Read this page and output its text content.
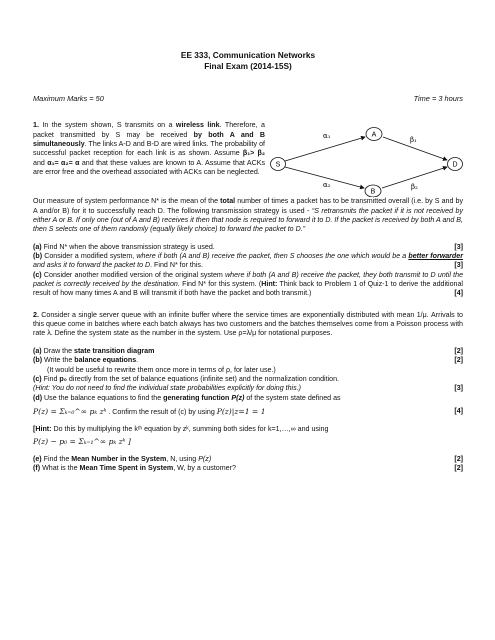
EE 333, Communication Networks
Final Exam (2014-15S)
Maximum Marks = 50	Time = 3 hours
1. In the system shown, S transmits on a wireless link. Therefore, a packet transmitted by S may be received by both A and B simultaneously. The links A-D and B-D are wired links. The probability of successful packet reception for each link is as shown. Assume β₁> β₂ and α₁= α₂= α and that these values are known to A. Assume that ACKs are error free and the overhead associated with ACKs can be neglected.
S
A
B
D
α₁	β₁
α₂	β₂
Our measure of system performance N* is the mean of the total number of times a packet has to be transmitted overall (i.e. by S and by A and/or B) for it to successfully reach D. The following transmission strategy is used - “S retransmits the packet if it is not received by either A or B. If only one (out of A and B) receives it then that node is required to forward it to D. If the packet is received by both A and B, then S selects one of them randomly (equally likely choice) to forward the packet to D.”
(a) Find N* when the above transmission strategy is used.	[3]
(b) Consider a modified system, where if both (A and B) receive the packet, then S chooses the one which would be a better forwarder and asks it to forward the packet to D. Find N* for this.	[3]
(c) Consider another modified version of the original system where if both (A and B) receive the packet, they both transmit to D until the packet is correctly received by the destination. Find N* for this system. (Hint: Think back to Problem 1 of Quiz-1 to derive the additional result of how many times A and B will transmit if both have the packet and both transmit.)	[4]
2. Consider a single server queue with an infinite buffer where the service times are exponentially distributed with mean 1/μ. Arrivals to this queue come in batches where each batch always has two customers and the batches themselves come from a Poisson process with rate λ. Define the system state as the number in the system. Use ρ=λ/μ for notational purposes.
(a) Draw the state transition diagram	[2]
(b) Write the balance equations.	[2]
(It would be useful to rewrite them once more in terms of ρ, for later use.)
(c) Find p₀ directly from the set of balance equations (infinite set) and the normalization condition.
(Hint: You do not need to find the individual state probabilities explicitly for doing this.)	[3]
(d) Use the balance equations to find the generating function P(z) of the system state defined as
P(z) = Σₖ₌₀^∞ pₖ zᵏ . Confirm the result of (c) by using P(z)|z=1 = 1	[4]
[Hint: Do this by multiplying the kᵗʰ equation by zᵏ, summing both sides for k=1,…,∞ and using
P(z) − p₀ = Σₖ₌₁^∞ pₖ zᵏ ]
(e) Find the Mean Number in the System, N, using P(z)	[2]
(f) What is the Mean Time Spent in System, W, by a customer?	[2]
